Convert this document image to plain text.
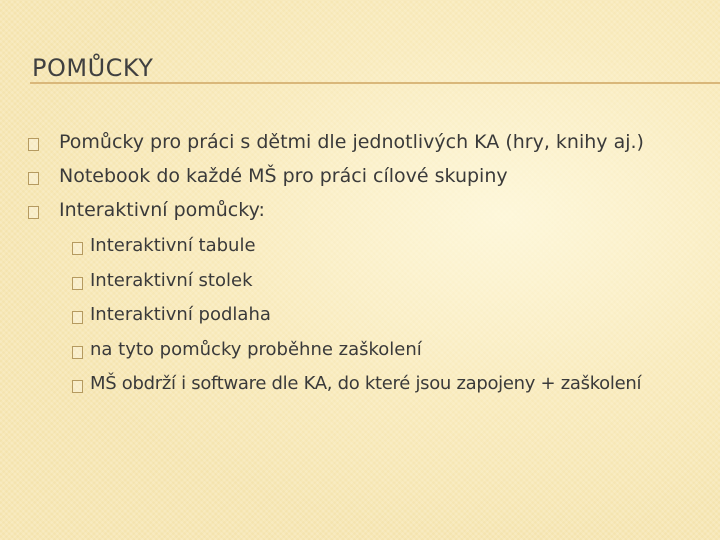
POMŮCKY
Pomůcky pro práci s dětmi dle jednotlivých KA (hry, knihy aj.)
Notebook do každé MŠ pro práci cílové skupiny
Interaktivní pomůcky:
Interaktivní tabule
Interaktivní stolek
Interaktivní podlaha
na tyto pomůcky proběhne zaškolení
MŠ obdrží i software dle KA, do které jsou zapojeny + zaškolení
